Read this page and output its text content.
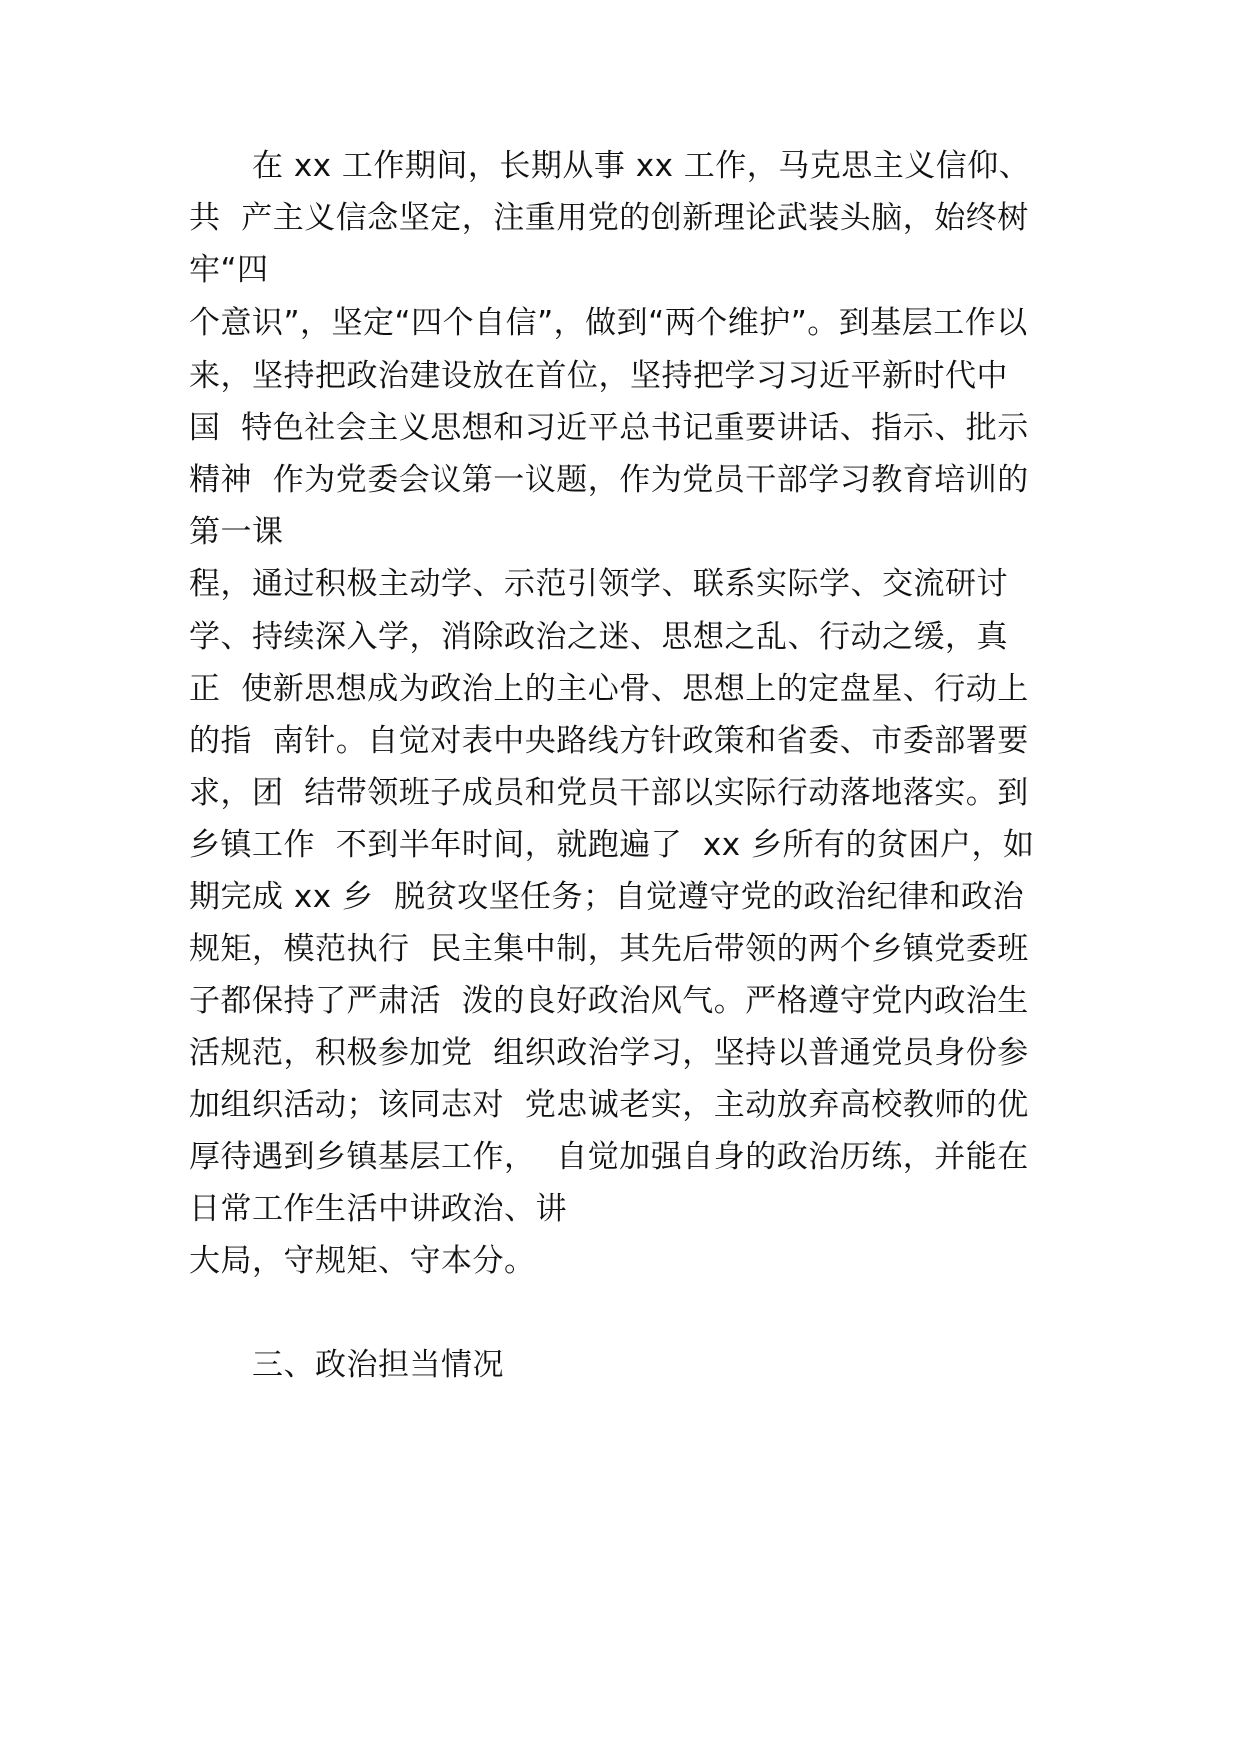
在 xx 工作期间，长期从事 xx 工作，马克思主义信仰、
共  产主义信念坚定，注重用党的创新理论武装头脑，始终树
牢“四
个意识”，坚定“四个自信”，做到“两个维护”。到基层工作以
来，坚持把政治建设放在首位，坚持把学习习近平新时代中
国  特色社会主义思想和习近平总书记重要讲话、指示、批示
精神  作为党委会议第一议题，作为党员干部学习教育培训的
第一课
程，通过积极主动学、示范引领学、联系实际学、交流研讨
学、持续深入学，消除政治之迷、思想之乱、行动之缓，真
正  使新思想成为政治上的主心骨、思想上的定盘星、行动上
的指  南针。自觉对表中央路线方针政策和省委、市委部署要
求，团  结带领班子成员和党员干部以实际行动落地落实。到
乡镇工作  不到半年时间，就跑遍了  xx 乡所有的贫困户，如
期完成 xx 乡  脱贫攻坚任务；自觉遵守党的政治纪律和政治
规矩，模范执行  民主集中制，其先后带领的两个乡镇党委班
子都保持了严肃活  泼的良好政治风气。严格遵守党内政治生
活规范，积极参加党  组织政治学习，坚持以普通党员身份参
加组织活动；该同志对  党忠诚老实，主动放弃高校教师的优
厚待遇到乡镇基层工作，  自觉加强自身的政治历练，并能在
日常工作生活中讲政治、讲
大局，守规矩、守本分。
三、政治担当情况
